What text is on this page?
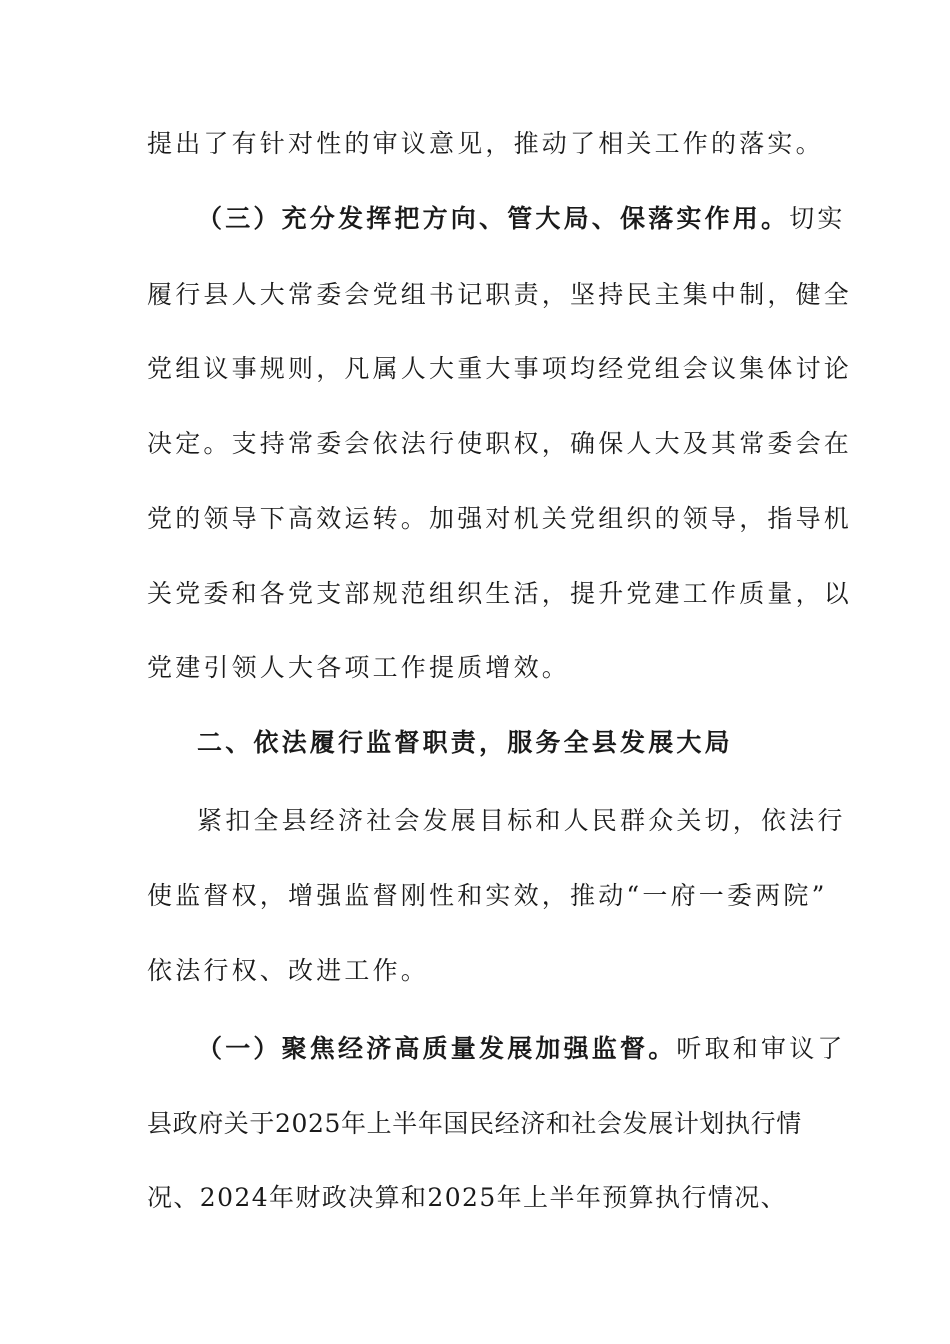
提出了有针对性的审议意见，推动了相关工作的落实。
（三）充分发挥把方向、管大局、保落实作用。切实
履行县人大常委会党组书记职责，坚持民主集中制，健全
党组议事规则，凡属人大重大事项均经党组会议集体讨论
决定。支持常委会依法行使职权，确保人大及其常委会在
党的领导下高效运转。加强对机关党组织的领导，指导机
关党委和各党支部规范组织生活，提升党建工作质量，以
党建引领人大各项工作提质增效。
二、依法履行监督职责，服务全县发展大局
紧扣全县经济社会发展目标和人民群众关切，依法行
使监督权，增强监督刚性和实效，推动“一府一委两院”
依法行权、改进工作。
（一）聚焦经济高质量发展加强监督。听取和审议了
县政府关于2025年上半年国民经济和社会发展计划执行情
况、2024年财政决算和2025年上半年预算执行情况、
